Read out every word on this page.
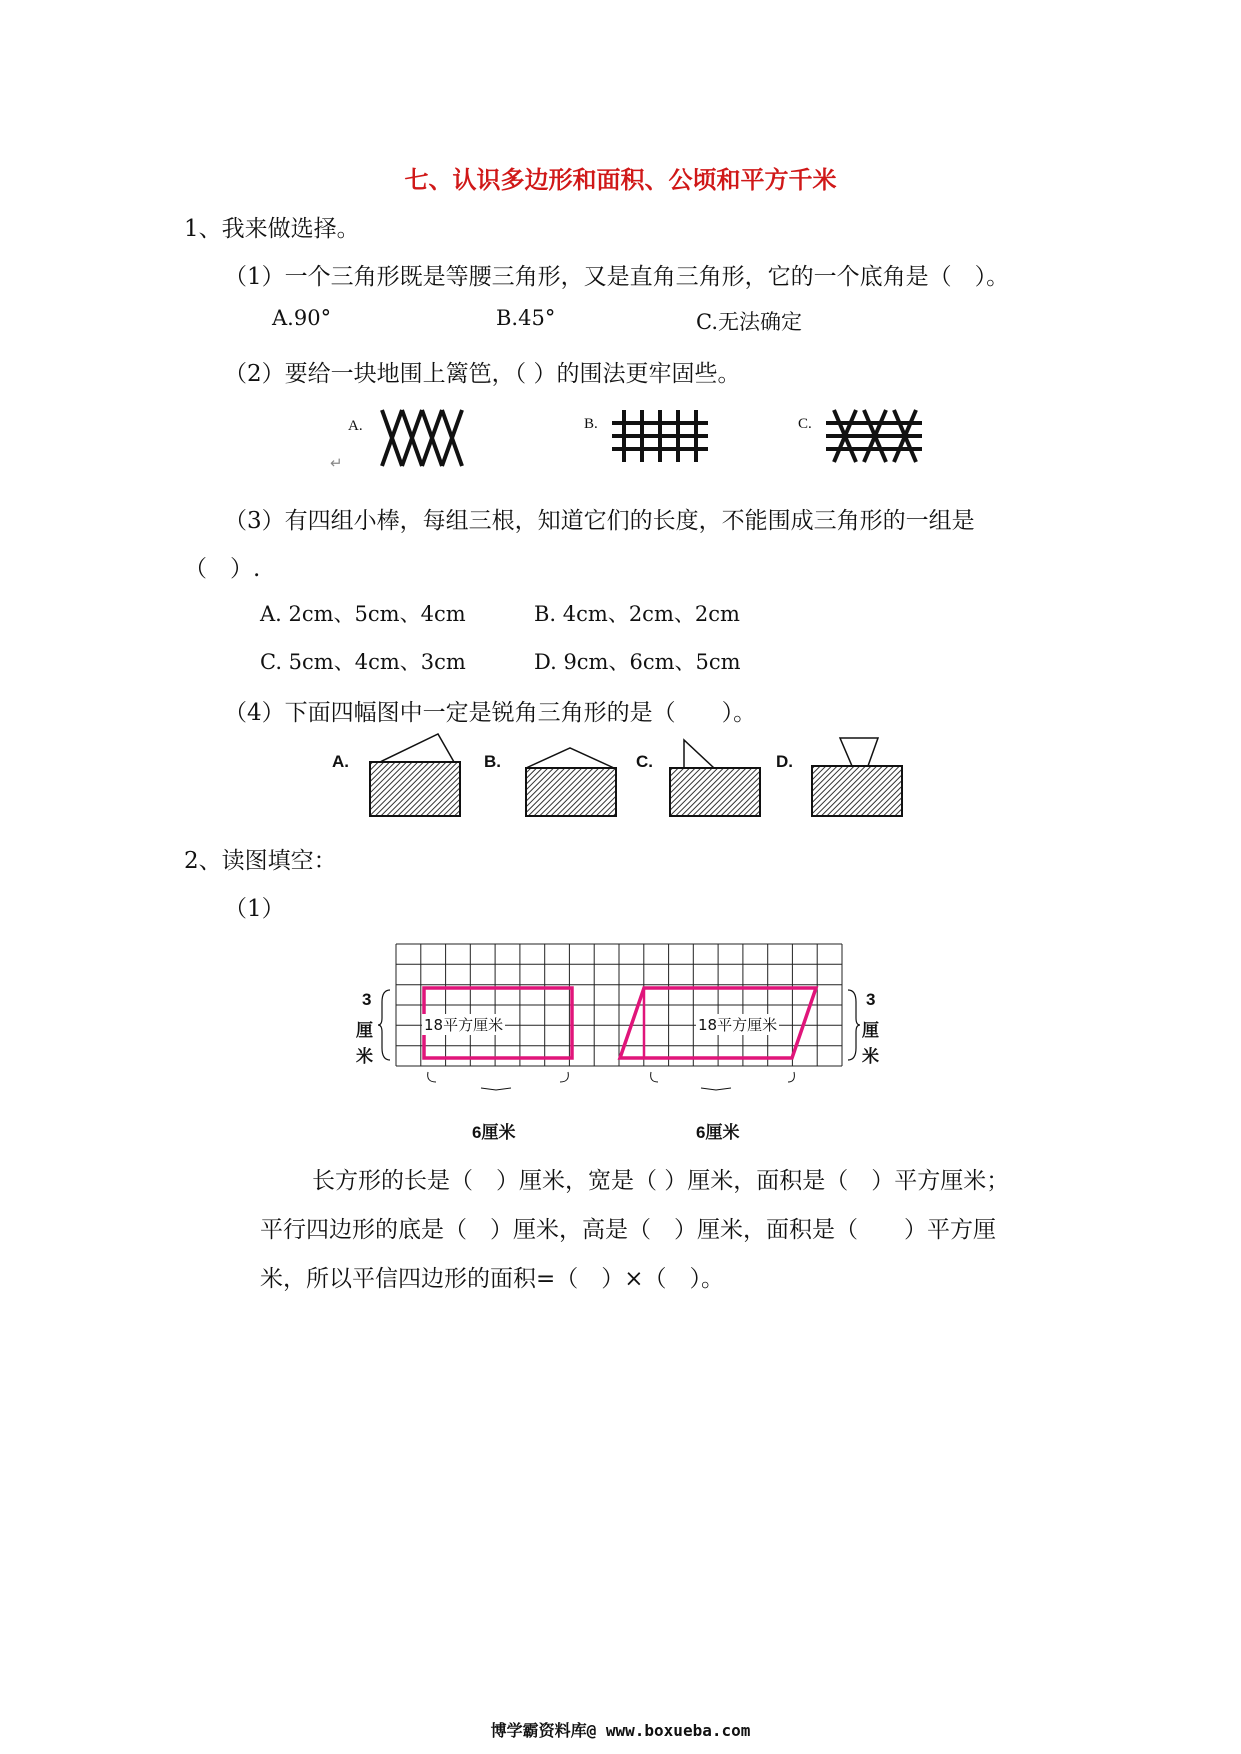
七、认识多边形和面积、公顷和平方千米
1、我来做选择。
（1）一个三角形既是等腰三角形，又是直角三角形，它的一个底角是（　）。
A.90°	B.45°	C.无法确定
（2）要给一块地围上篱笆，（ ）的围法更牢固些。
A.
↵
B.	C.
（3）有四组小棒，每组三根，知道它们的长度，不能围成三角形的一组是
（　）.
A. 2cm、5cm、4cm	B. 4cm、2cm、2cm
C. 5cm、4cm、3cm	D. 9cm、6cm、5cm
（4）下面四幅图中一定是锐角三角形的是（　　）。
A.	B.	C.	D.
2、读图填空：
（1）
18平方厘米	18平方厘米
3
厘
米
3
厘
米
6厘米	6厘米
长方形的长是（　）厘米，宽是（ ）厘米，面积是（　）平方厘米；
平行四边形的底是（　）厘米，高是（　）厘米，面积是（　　）平方厘
米，所以平信四边形的面积=（　）×（　）。
博学霸资料库@ www.boxueba.com
